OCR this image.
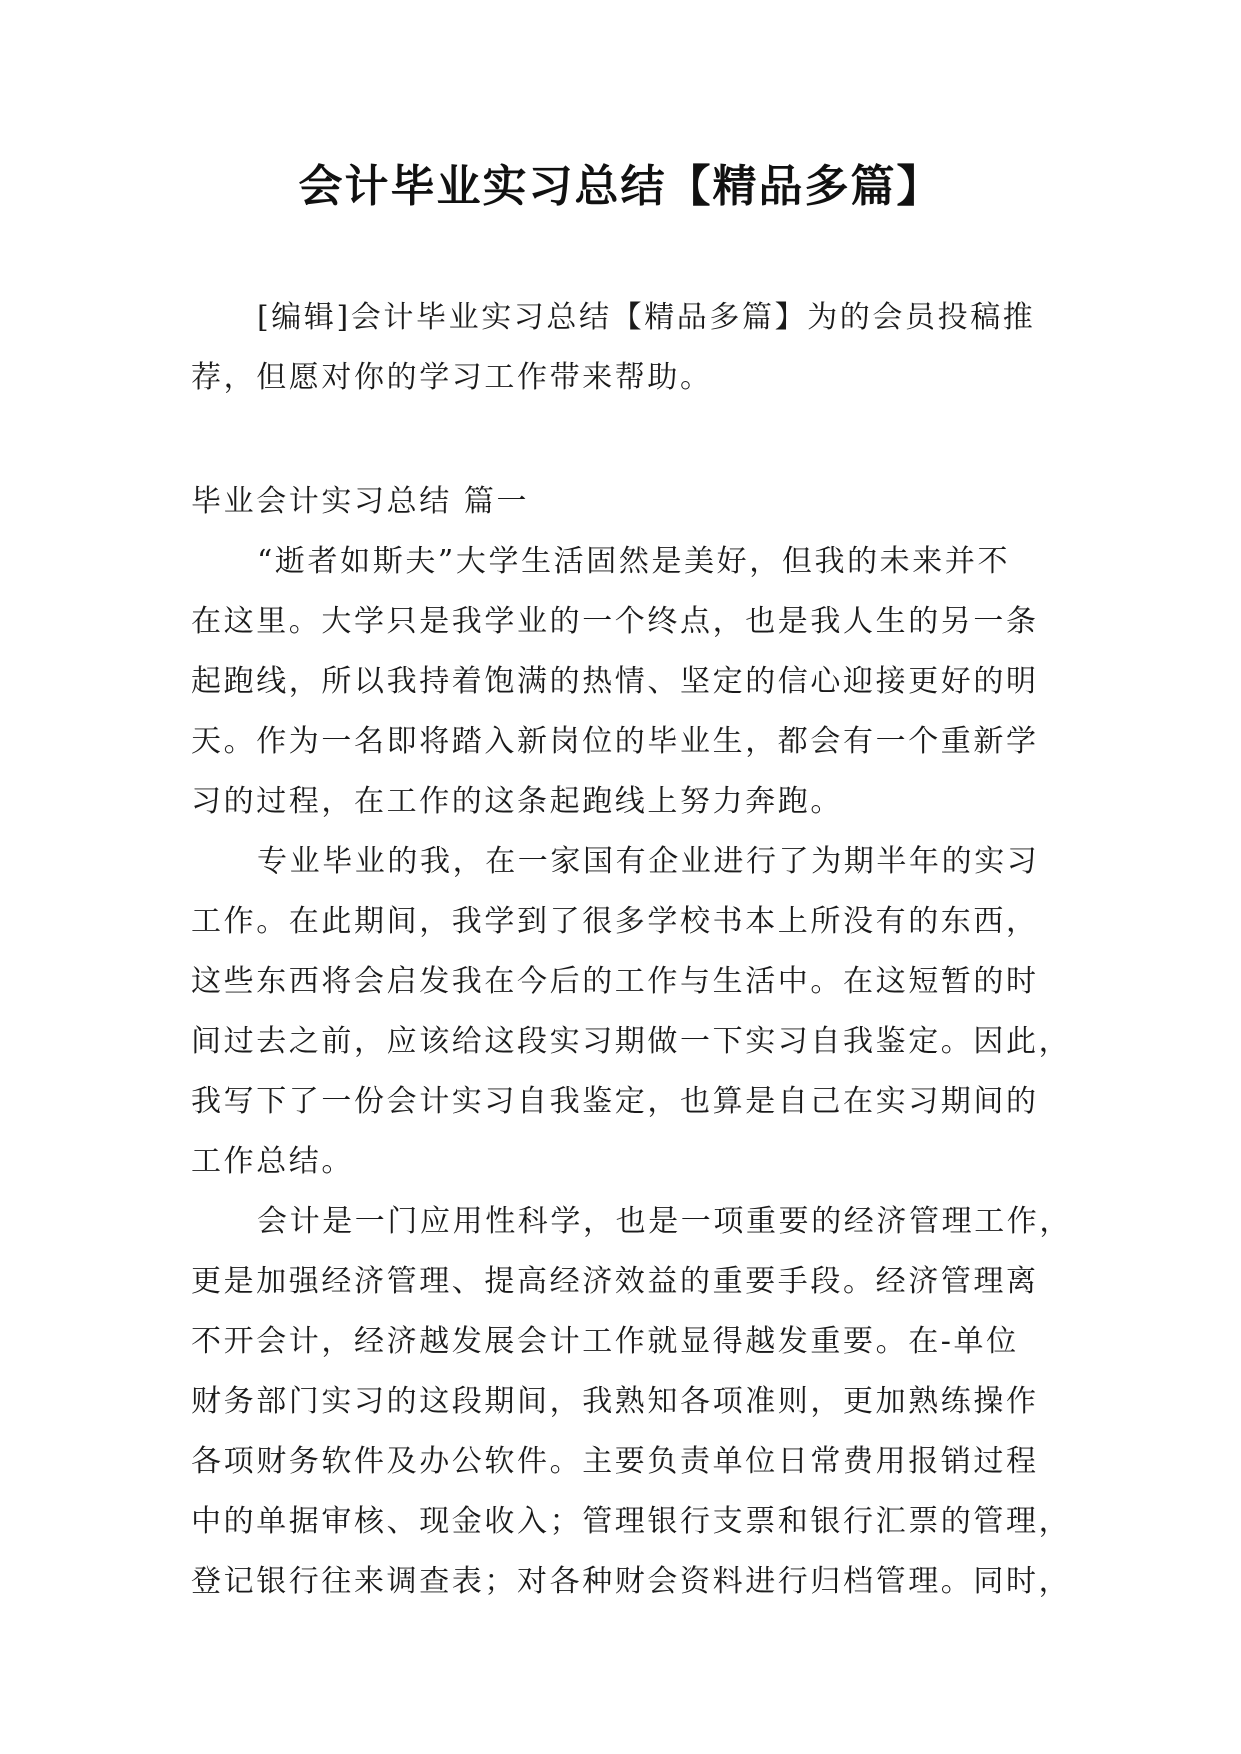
会计毕业实习总结【精品多篇】
[编辑]会计毕业实习总结【精品多篇】为的会员投稿推
荐，但愿对你的学习工作带来帮助。
毕业会计实习总结 篇一
“逝者如斯夫”大学生活固然是美好，但我的未来并不
在这里。大学只是我学业的一个终点，也是我人生的另一条
起跑线，所以我持着饱满的热情、坚定的信心迎接更好的明
天。作为一名即将踏入新岗位的毕业生，都会有一个重新学
习的过程，在工作的这条起跑线上努力奔跑。
专业毕业的我，在一家国有企业进行了为期半年的实习
工作。在此期间，我学到了很多学校书本上所没有的东西，
这些东西将会启发我在今后的工作与生活中。在这短暂的时
间过去之前，应该给这段实习期做一下实习自我鉴定。因此，
我写下了一份会计实习自我鉴定，也算是自己在实习期间的
工作总结。
会计是一门应用性科学，也是一项重要的经济管理工作，
更是加强经济管理、提高经济效益的重要手段。经济管理离
不开会计，经济越发展会计工作就显得越发重要。在-单位
财务部门实习的这段期间，我熟知各项准则，更加熟练操作
各项财务软件及办公软件。主要负责单位日常费用报销过程
中的单据审核、现金收入；管理银行支票和银行汇票的管理，
登记银行往来调查表；对各种财会资料进行归档管理。同时，
